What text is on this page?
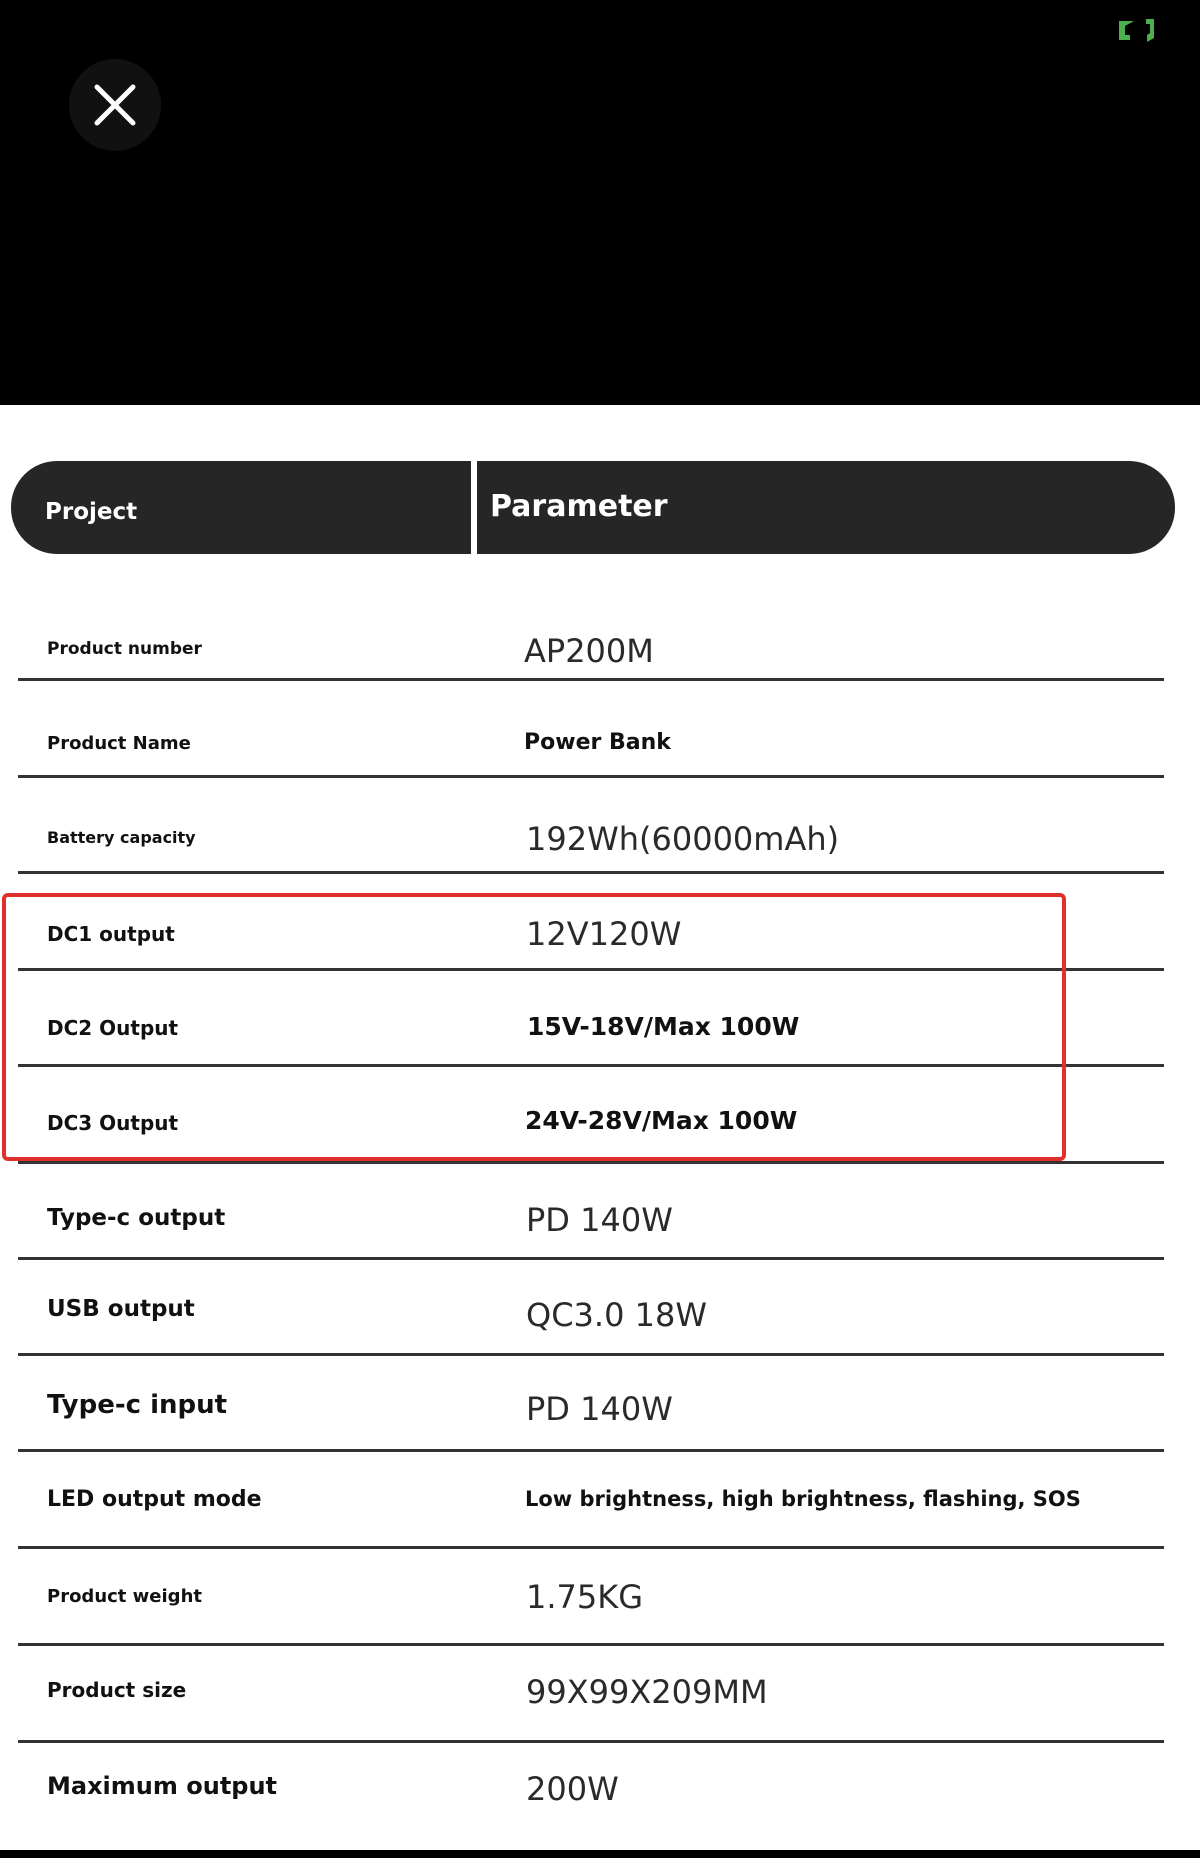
Project	Parameter
Product number	AP200M
Product Name	Power Bank
Battery capacity	192Wh(60000mAh)
DC1 output	12V120W
DC2 Output	15V-18V/Max 100W
DC3 Output	24V-28V/Max 100W
Type-c output	PD 140W
USB output	QC3.0 18W
Type-c input	PD 140W
LED output mode	Low brightness, high brightness, flashing, SOS
Product weight	1.75KG
Product size	99X99X209MM
Maximum output	200W
